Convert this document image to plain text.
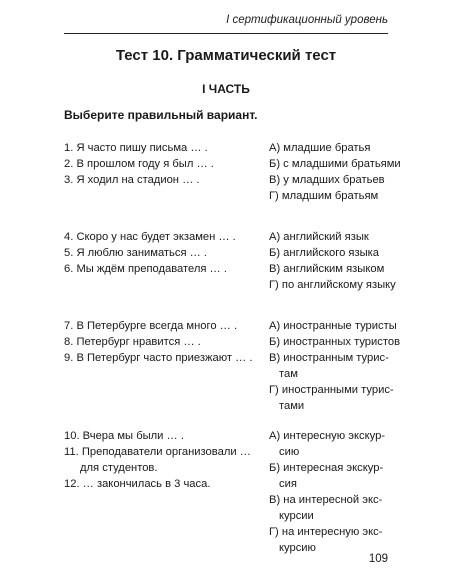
I сертификационный уровень
Тест 10. Грамматический тест
I ЧАСТЬ
Выберите правильный вариант.
1. Я часто пишу письма … .
2. В прошлом году я был … .
3. Я ходил на стадион … .
А) младшие братья
Б) с младшими братьями
В) у младших братьев
Г) младшим братьям
4. Скоро у нас будет экзамен … .
5. Я люблю заниматься … .
6. Мы ждём преподавателя … .
А) английский язык
Б) английского языка
В) английским языком
Г) по английскому языку
7. В Петербурге всегда много … .
8. Петербург нравится … .
9. В Петербург часто приезжают … .
А) иностранные туристы
Б) иностранных туристов
В) иностранным турис-
там
Г) иностранными турис-
тами
10. Вчера мы были … .
11. Преподаватели организовали …
для студентов.
12. … закончилась в 3 часа.
А) интересную экскур-
сию
Б) интересная экскур-
сия
В) на интересной экс-
курсии
Г) на интересную экс-
курсию
109
